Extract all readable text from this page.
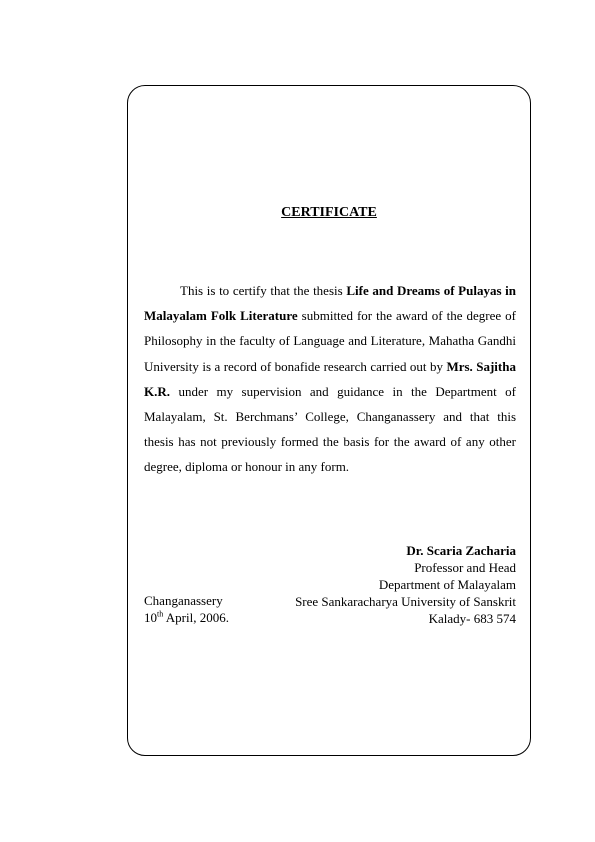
CERTIFICATE

This is to certify that the thesis Life and Dreams of Pulayas in Malayalam Folk Literature submitted for the award of the degree of Philosophy in the faculty of Language and Literature, Mahatha Gandhi University is a record of bonafide research carried out by Mrs. Sajitha K.R. under my supervision and guidance in the Department of Malayalam, St. Berchmans’ College, Changanassery and that this thesis has not previously formed the basis for the award of any other degree, diploma or honour in any form.

Dr. Scaria Zacharia
Professor and Head
Department of Malayalam
Sree Sankaracharya University of Sanskrit
Kalady- 683 574
Changanassery
10th April, 2006.
